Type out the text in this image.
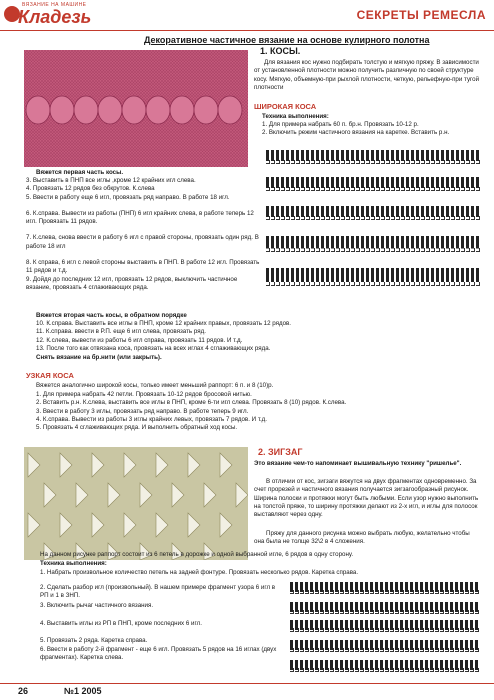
ВЯЗАНИЕ НА МАШИНЕ
Кладезь	СЕКРЕТЫ РЕМЕСЛА
Декоративное частичное вязание на основе кулирного полотна
1. КОСЫ.
Для вязания кос нужно подбирать толстую и мягкую пряжу. В зависимости от установленной плотности можно получить различную по своей структуре косу. Мягкую, объемную-при рыхлой плотности, четкую, рельефную-при тугой плотности
ШИРОКАЯ КОСА
Техника выполнения:
1. Для примера набрать 60 п. бр.н. Провязать 10-12 р.
2. Включить режим частичного вязания на каретке. Вставить р.н.
Вяжется первая часть косы.
3. Выставить в ПНП все иглы ,кроме 12 крайних игл слева.
4. Провязать 12 рядов без обкрутов. К.слева
5. Ввести в работу еще 6 игл, провязать ряд направо. В работе 18 игл.
6. К.справа. Вывести из работы (ПНП) 6 игл крайних слева, в работе теперь 12 игл. Провязать 11 рядов.
7. К.слева, снова ввести в работу 6 игл с правой стороны, провязать один ряд. В работе 18 игл
8. К справа, 6 игл с левой стороны выставить в ПНП. В работе 12 игл. Провязать 11 рядов и т.д.
9. Дойдя до последних 12 игл, провязать 12 рядов, выключить частичное вязание, провязать 4 сглаживающих ряда.
Вяжется вторая часть косы, в обратном порядке
10. К.справа. Выставить все иглы в ПНП, кроме 12 крайних правых, провязать 12 рядов.
11. К.справа. ввести в Р.П. еще 6 игл слева, провязать ряд.
12. К.слева, вывести из работы 6 игл справа, провязать 11 рядов. И т.д.
13. После того как отвязана коса, провязать на всех иглах 4 сглаживающих ряда.
Снять вязание на бр.нити (или закрыть).
УЗКАЯ КОСА
Вяжется аналогично широкой косы, только имеет меньший раппорт: 6 п. и 8 (10)р.
1. Для примера набрать 42 петли. Провязать 10-12 рядов бросовой нитью.
2. Вставить р.н. К.слева, выставить все иглы в ПНП, кроме 6-ти игл слева. Провязать 8 (10) рядов. К.слева.
3. Ввести в работу 3 иглы, провязать ряд направо. В работе теперь 9 игл.
4. К.справа. Вывести из работы 3 иглы крайних левых, провязать 7 рядов. И т.д.
5. Провязать 4 сглаживающих ряда. И выполнить обратный ход косы.
2. ЗИГЗАГ
Это вязание чем-то напоминает вышивальную технику "ришелье".
В отличии от кос, зигзаги вяжутся на двух фрагментах одновременно. За счет прорезей и частичного вязания получается зигзагообразный рисунок. Ширина полоски и протяжки могут быть любыми. Если узор нужно выполнить на толстой пряже, то ширину протяжки делают из 2-х игл, и иглы для полосок выставляют через одну.
Пряжу для данного рисунка можно выбрать любую, желательно чтобы она была не толще 32\2 в 4 сложения.
На данном рисунке раппорт состоит из 6 петель в дорожке и одной выбранной игле, 6 рядов в одну сторону.
Техника выполнения:
1. Набрать произвольное количество петель на задней фонтуре. Провязать несколько рядов. Каретка справа.
2. Сделать разбор игл (произвольный). В нашем примере фрагмент узора 6 игл в РП и 1 в ЗНП.
3. Включить рычаг частичного вязания.
4. Выставить иглы из РП в ПНП, кроме последних 6 игл.
5. Провязать 2 ряда. Каретка справа.
6. Ввести в работу 2-й фрагмент - еще 6 игл. Провязать 5 рядов на 16 иглах (двух фрагментах). Каретка слева.
26	№1 2005
